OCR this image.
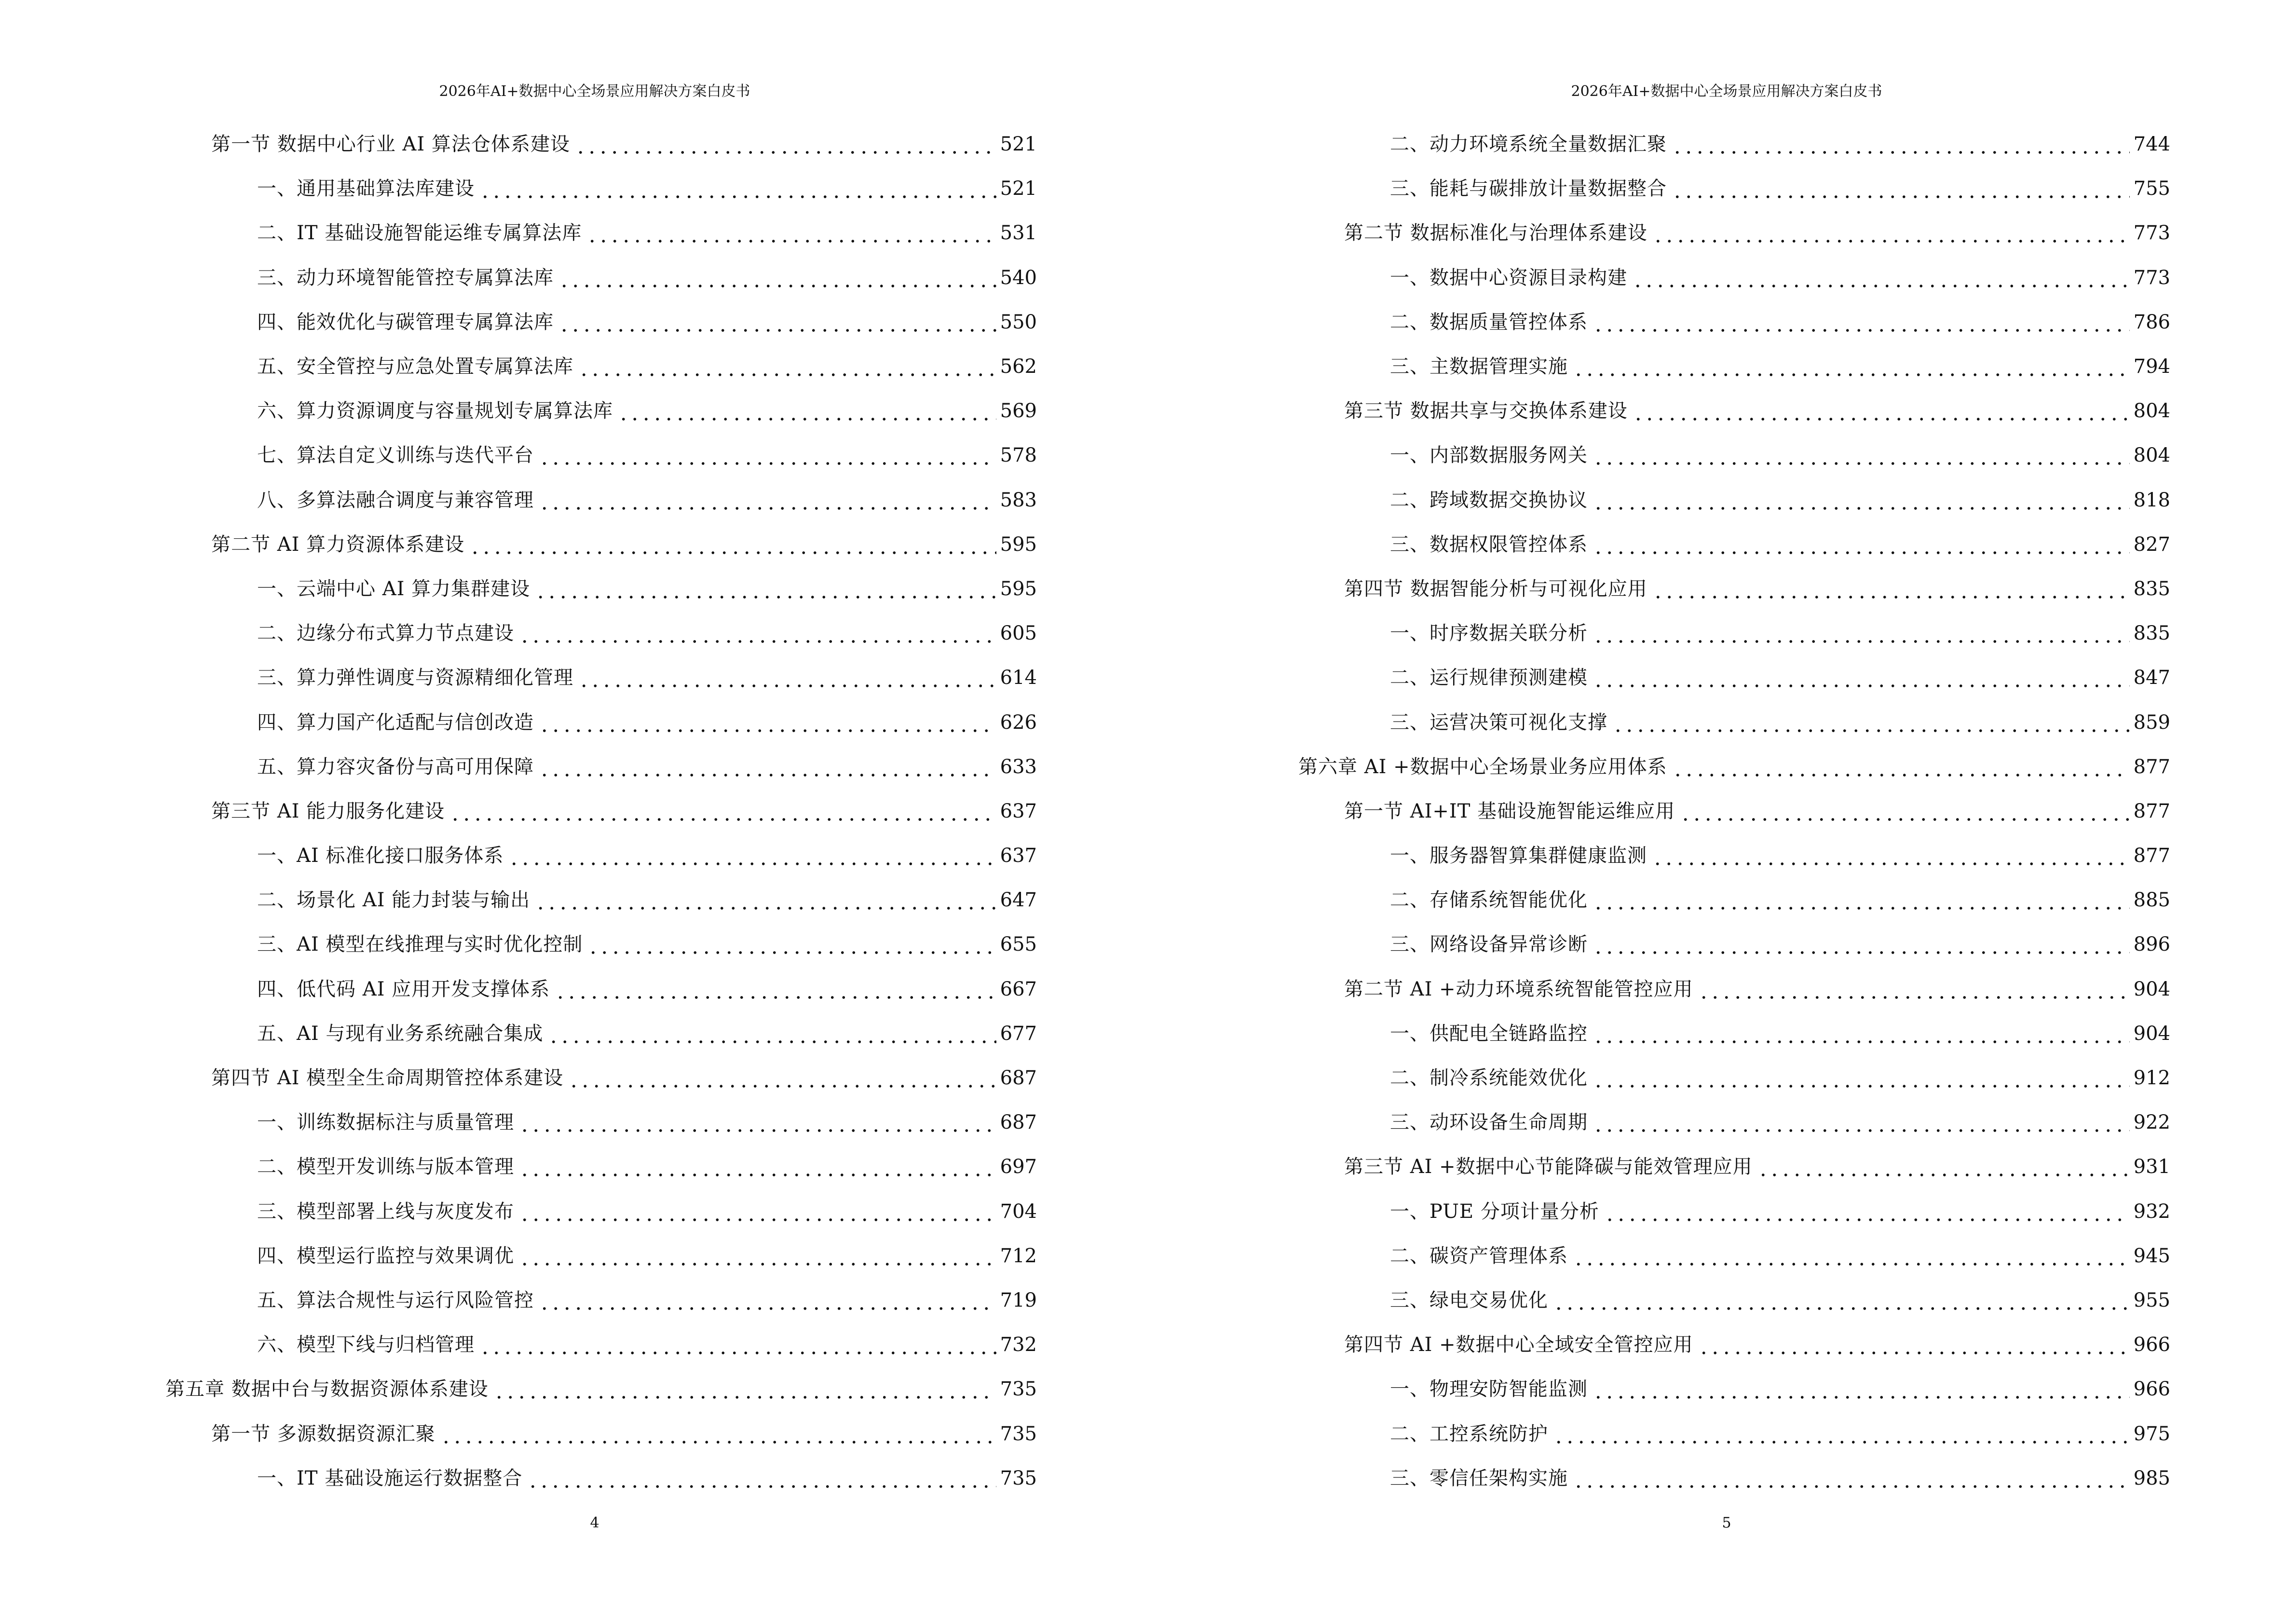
2026年AI+数据中心全场景应用解决方案白皮书
第一节 数据中心行业 AI 算法仓体系建设	521
一、通用基础算法库建设	521
二、IT 基础设施智能运维专属算法库	531
三、动力环境智能管控专属算法库	540
四、能效优化与碳管理专属算法库	550
五、安全管控与应急处置专属算法库	562
六、算力资源调度与容量规划专属算法库	569
七、算法自定义训练与迭代平台	578
八、多算法融合调度与兼容管理	583
第二节 AI 算力资源体系建设	595
一、云端中心 AI 算力集群建设	595
二、边缘分布式算力节点建设	605
三、算力弹性调度与资源精细化管理	614
四、算力国产化适配与信创改造	626
五、算力容灾备份与高可用保障	633
第三节 AI 能力服务化建设	637
一、AI 标准化接口服务体系	637
二、场景化 AI 能力封装与输出	647
三、AI 模型在线推理与实时优化控制	655
四、低代码 AI 应用开发支撑体系	667
五、AI 与现有业务系统融合集成	677
第四节 AI 模型全生命周期管控体系建设	687
一、训练数据标注与质量管理	687
二、模型开发训练与版本管理	697
三、模型部署上线与灰度发布	704
四、模型运行监控与效果调优	712
五、算法合规性与运行风险管控	719
六、模型下线与归档管理	732
第五章 数据中台与数据资源体系建设	735
第一节 多源数据资源汇聚	735
一、IT 基础设施运行数据整合	735
4
2026年AI+数据中心全场景应用解决方案白皮书
二、动力环境系统全量数据汇聚	744
三、能耗与碳排放计量数据整合	755
第二节 数据标准化与治理体系建设	773
一、数据中心资源目录构建	773
二、数据质量管控体系	786
三、主数据管理实施	794
第三节 数据共享与交换体系建设	804
一、内部数据服务网关	804
二、跨域数据交换协议	818
三、数据权限管控体系	827
第四节 数据智能分析与可视化应用	835
一、时序数据关联分析	835
二、运行规律预测建模	847
三、运营决策可视化支撑	859
第六章 AI +数据中心全场景业务应用体系	877
第一节 AI+IT 基础设施智能运维应用	877
一、服务器智算集群健康监测	877
二、存储系统智能优化	885
三、网络设备异常诊断	896
第二节 AI +动力环境系统智能管控应用	904
一、供配电全链路监控	904
二、制冷系统能效优化	912
三、动环设备生命周期	922
第三节 AI +数据中心节能降碳与能效管理应用	931
一、PUE 分项计量分析	932
二、碳资产管理体系	945
三、绿电交易优化	955
第四节 AI +数据中心全域安全管控应用	966
一、物理安防智能监测	966
二、工控系统防护	975
三、零信任架构实施	985
5
